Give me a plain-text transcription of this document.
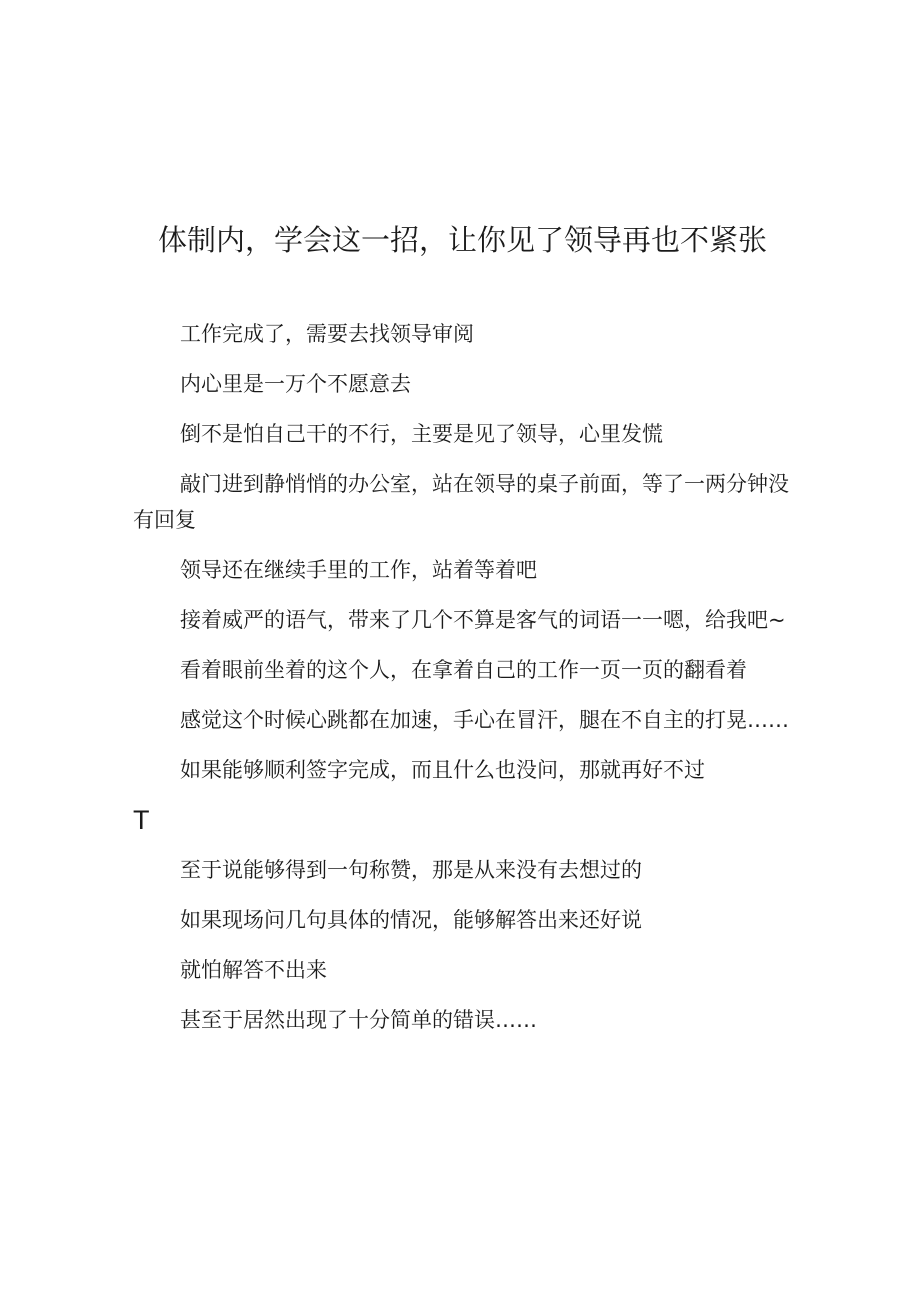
体制内，学会这一招，让你见了领导再也不紧张

工作完成了，需要去找领导审阅

内心里是一万个不愿意去

倒不是怕自己干的不行，主要是见了领导，心里发慌

敲门进到静悄悄的办公室，站在领导的桌子前面，等了一两分钟没有回复

领导还在继续手里的工作，站着等着吧

接着威严的语气，带来了几个不算是客气的词语一一嗯，给我吧~

看着眼前坐着的这个人，在拿着自己的工作一页一页的翻看着

感觉这个时候心跳都在加速，手心在冒汗，腿在不自主的打晃……

如果能够顺利签字完成，而且什么也没问，那就再好不过

T

至于说能够得到一句称赞，那是从来没有去想过的

如果现场问几句具体的情况，能够解答出来还好说

就怕解答不出来

甚至于居然出现了十分简单的错误……
